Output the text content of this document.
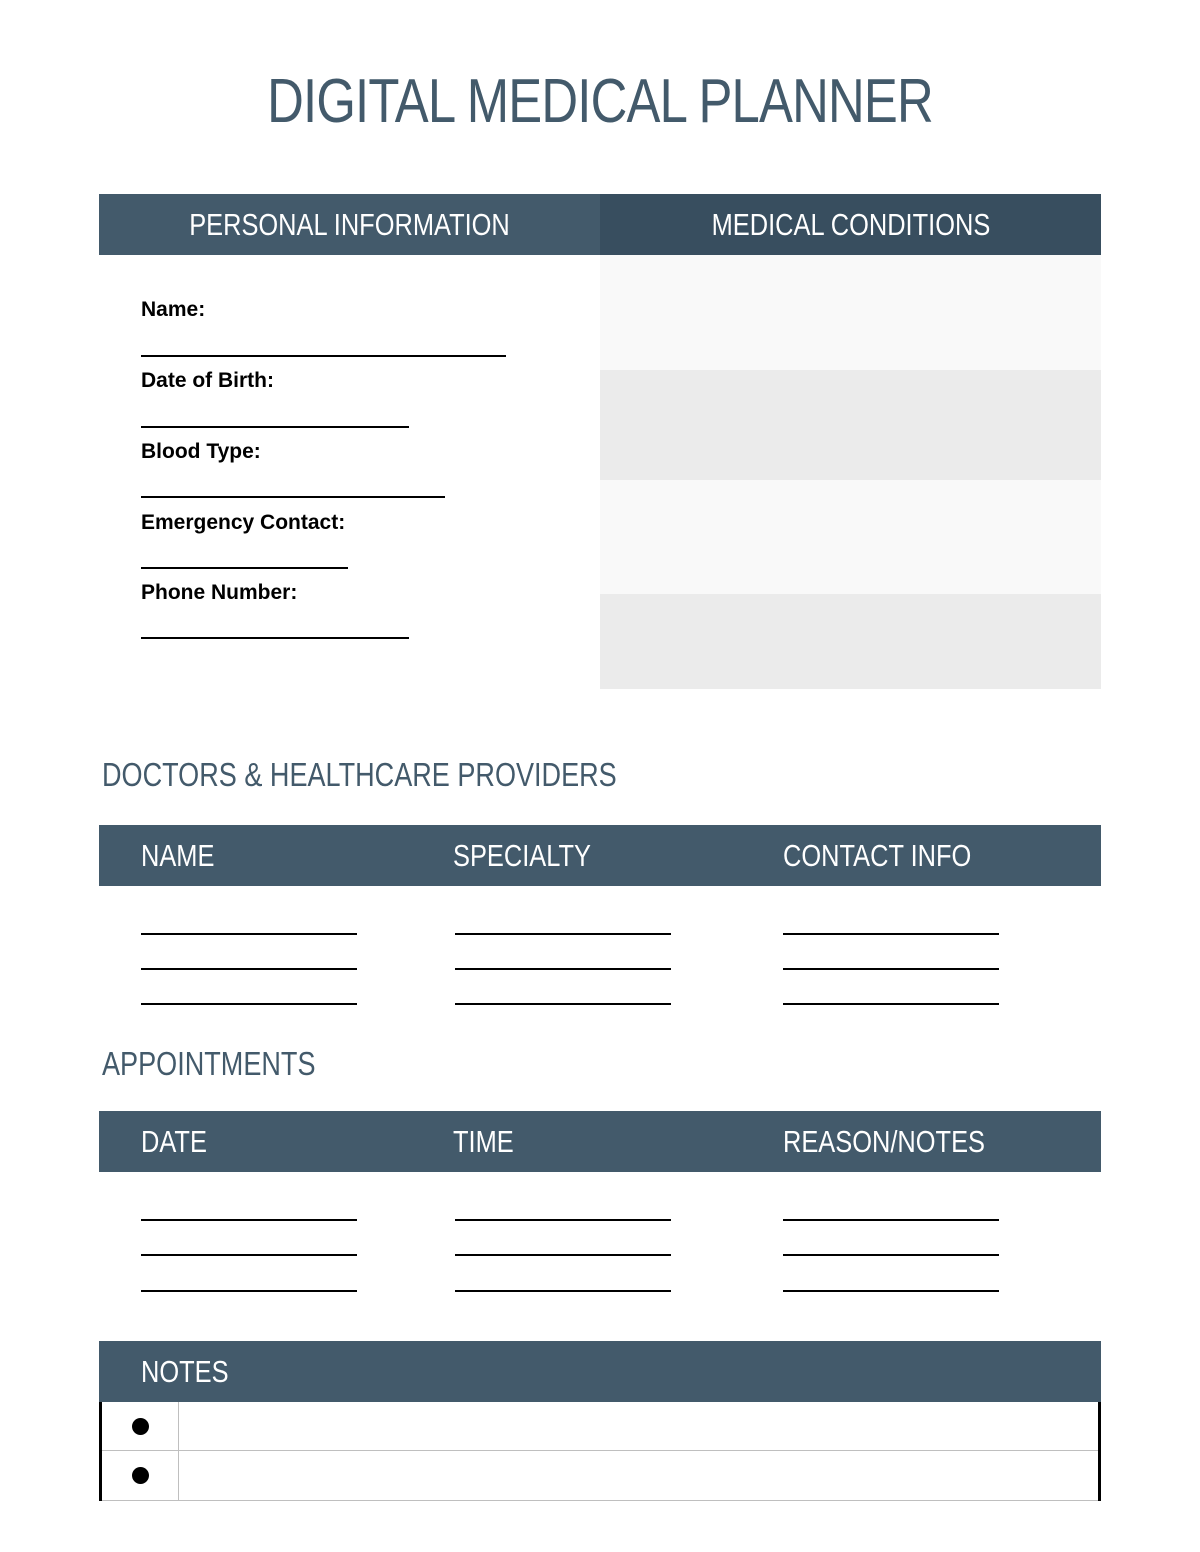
DIGITAL MEDICAL PLANNER
PERSONAL INFORMATION	MEDICAL CONDITIONS
Name:
Date of Birth:
Blood Type:
Emergency Contact:
Phone Number:
DOCTORS & HEALTHCARE PROVIDERS
NAME	SPECIALTY	CONTACT INFO
APPOINTMENTS
DATE	TIME	REASON/NOTES
NOTES
